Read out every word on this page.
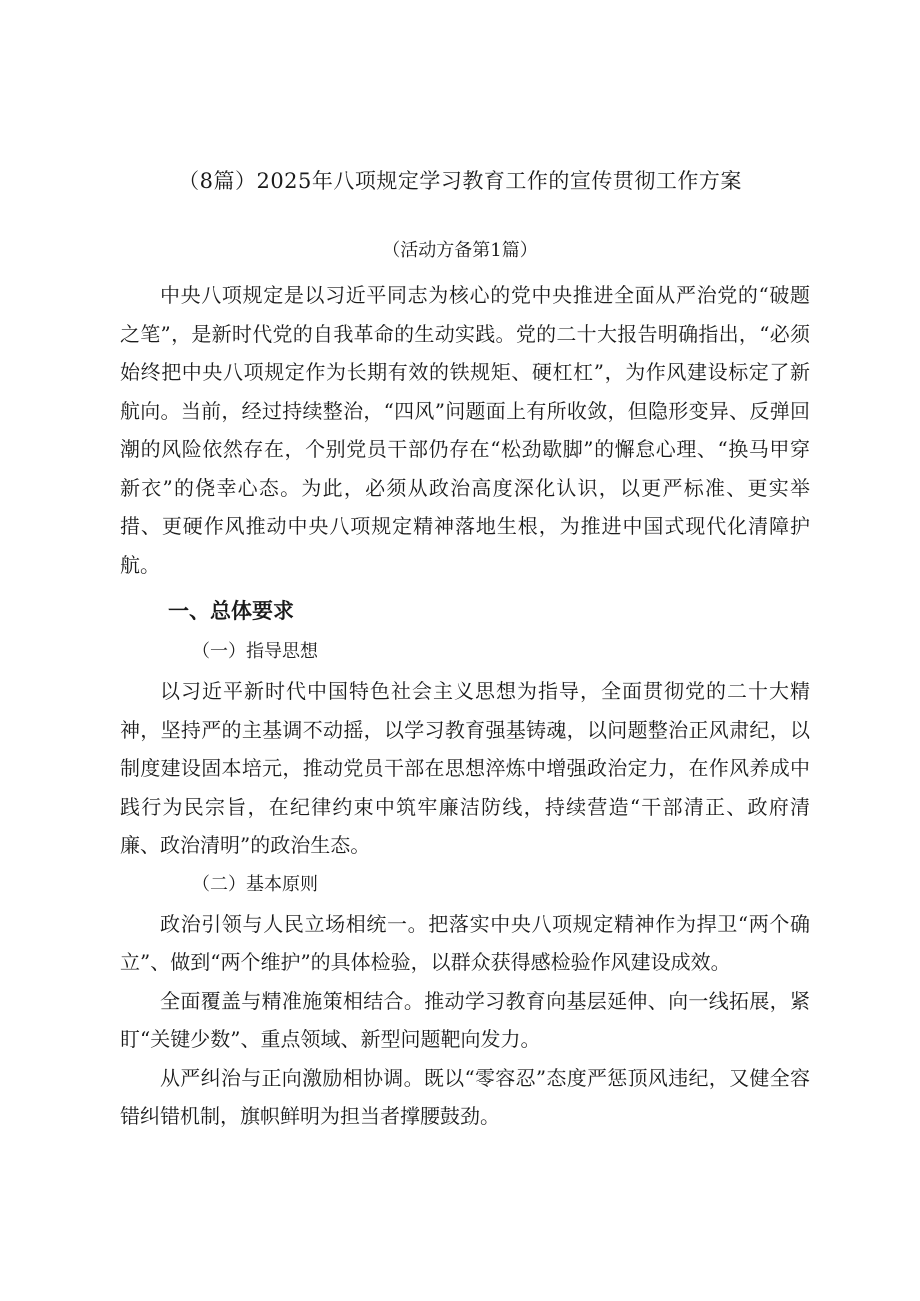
（8篇）2025年八项规定学习教育工作的宣传贯彻工作方案
（活动方备第1篇）

中央八项规定是以习近平同志为核心的党中央推进全面从严治党的“破题之笔”，是新时代党的自我革命的生动实践。党的二十大报告明确指出，“必须始终把中央八项规定作为长期有效的铁规矩、硬杠杠”，为作风建设标定了新航向。当前，经过持续整治，“四风”问题面上有所收敛，但隐形变异、反弹回潮的风险依然存在，个别党员干部仍存在“松劲歇脚”的懈怠心理、“换马甲穿新衣”的侥幸心态。为此，必须从政治高度深化认识，以更严标准、更实举措、更硬作风推动中央八项规定精神落地生根，为推进中国式现代化清障护航。

一、总体要求
（一）指导思想

以习近平新时代中国特色社会主义思想为指导，全面贯彻党的二十大精神，坚持严的主基调不动摇，以学习教育强基铸魂，以问题整治正风肃纪，以制度建设固本培元，推动党员干部在思想淬炼中增强政治定力，在作风养成中践行为民宗旨，在纪律约束中筑牢廉洁防线，持续营造“干部清正、政府清廉、政治清明”的政治生态。

（二）基本原则

政治引领与人民立场相统一。把落实中央八项规定精神作为捍卫“两个确立”、做到“两个维护”的具体检验，以群众获得感检验作风建设成效。

全面覆盖与精准施策相结合。推动学习教育向基层延伸、向一线拓展，紧盯“关键少数”、重点领域、新型问题靶向发力。

从严纠治与正向激励相协调。既以“零容忍”态度严惩顶风违纪，又健全容错纠错机制，旗帜鲜明为担当者撑腰鼓劲。
